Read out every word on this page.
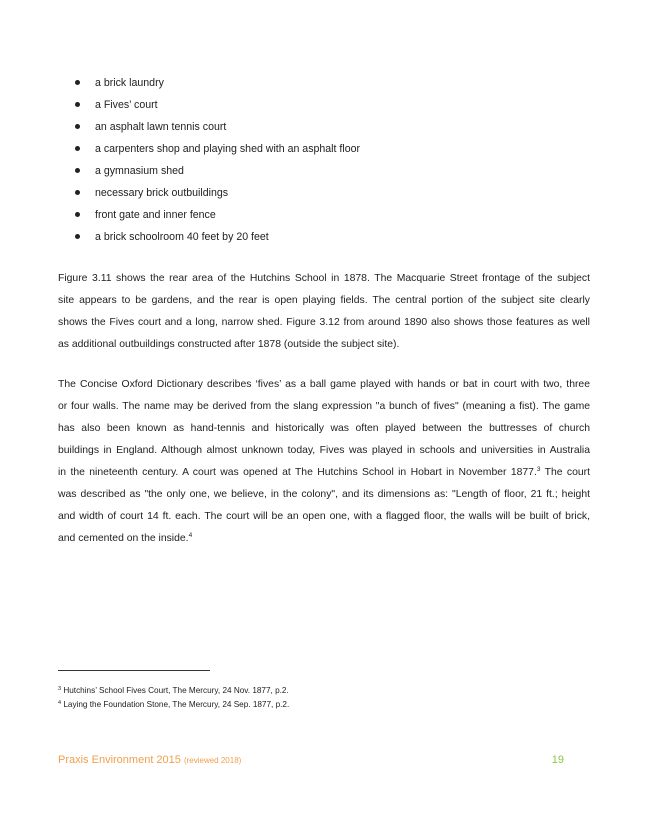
a brick laundry
a Fives’ court
an asphalt lawn tennis court
a carpenters shop and playing shed with an asphalt floor
a gymnasium shed
necessary brick outbuildings
front gate and inner fence
a brick schoolroom 40 feet by 20 feet

Figure 3.11 shows the rear area of the Hutchins School in 1878. The Macquarie Street frontage of the subject
site appears to be gardens, and the rear is open playing fields. The central portion of the subject site clearly
shows the Fives court and a long, narrow shed. Figure 3.12 from around 1890 also shows those features as well
as additional outbuildings constructed after 1878 (outside the subject site).

The Concise Oxford Dictionary describes ‘fives’ as a ball game played with hands or bat in court with two, three
or four walls. The name may be derived from the slang expression "a bunch of fives" (meaning a fist). The game
has also been known as hand-tennis and historically was often played between the buttresses of church
buildings in England. Although almost unknown today, Fives was played in schools and universities in Australia
in the nineteenth century. A court was opened at The Hutchins School in Hobart in November 1877.$^3$ The court
was described as "the only one, we believe, in the colony", and its dimensions as: "Length of floor, 21 ft.; height
and width of court 14 ft. each. The court will be an open one, with a flagged floor, the walls will be built of brick,
and cemented on the inside.$^4$

$^3$ Hutchins’ School Fives Court, The Mercury, 24 Nov. 1877, p.2.
$^4$ Laying the Foundation Stone, The Mercury, 24 Sep. 1877, p.2.
Praxis Environment 2015 (reviewed 2018)	19
